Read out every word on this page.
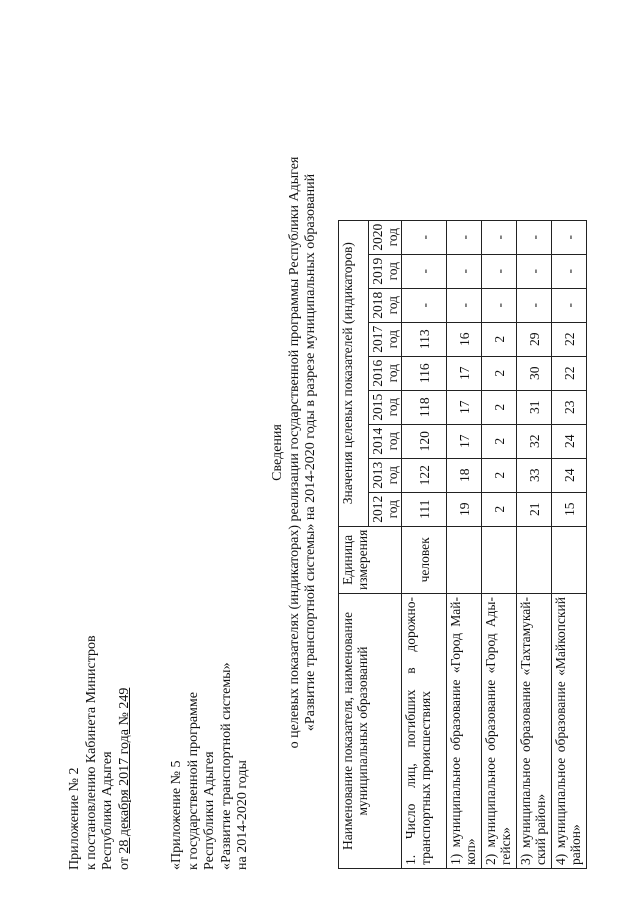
Приложение № 2 к постановлению Кабинета Министров Республики Адыгея от 28 декабря 2017 года № 249	«Приложение № 5 к государственной программе Республики Адыгея «Развитие транспортной системы» на 2014-2020 годы
Сведения о целевых показателях (индикаторах) реализации государственной программы Республики Адыгея «Развитие транспортной системы» на 2014-2020 годы в разрезе муниципальных образований Наименование показателя, наименование муниципальных образований	Единица измерения	Значения целевых показателей (индикаторов)								
		2012 год	2013 год	2014 год	2015 год	2016 год	2017 год	2018 год	2019 год	2020 год
1. Число лиц, погибших в дорожно-транспортных происшествиях	человек	111	122	120	118	116	113	-	-	-
1) муниципальное образование «Город Май-коп»		19	18	17	17	17	16	-	-	-
2) муниципальное образование «Город Ады-гейск»		2	2	2	2	2	2	-	-	-
3) муниципальное образование «Тахтамукай-ский район»		21	33	32	31	30	29	-	-	-
4) муниципальное образование «Майкопский район»		15	24	24	23	22	22	-	-	-
